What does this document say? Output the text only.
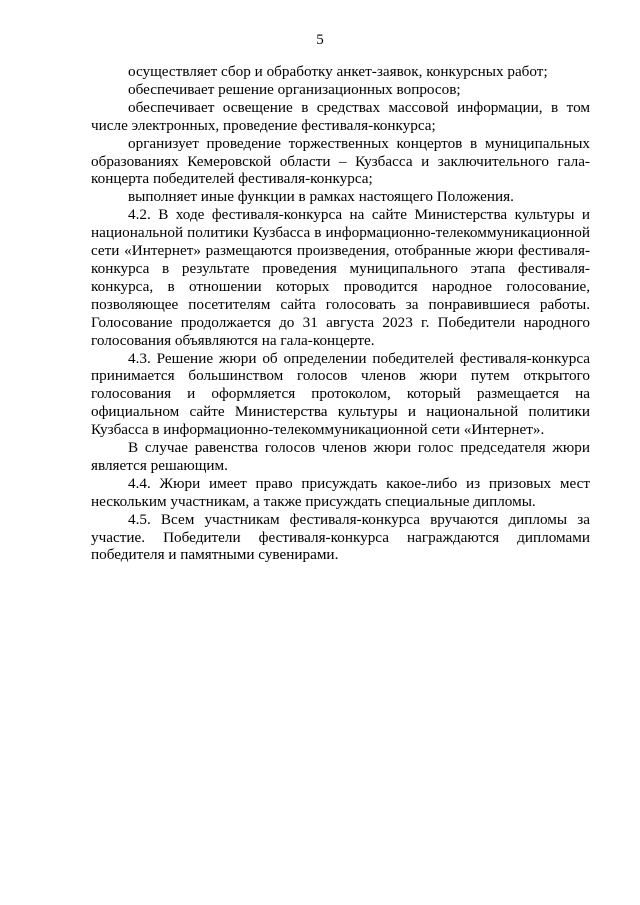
5

осуществляет сбор и обработку анкет-заявок, конкурсных работ;

обеспечивает решение организационных вопросов;

обеспечивает освещение в средствах массовой информации, в том числе электронных, проведение фестиваля-конкурса;

организует проведение торжественных концертов в муниципальных образованиях Кемеровской области – Кузбасса и заключительного гала-концерта победителей фестиваля-конкурса;

выполняет иные функции в рамках настоящего Положения.

4.2. В ходе фестиваля-конкурса на сайте Министерства культуры и национальной политики Кузбасса в информационно-телекоммуникационной сети «Интернет» размещаются произведения, отобранные жюри фестиваля-конкурса в результате проведения муниципального этапа фестиваля-конкурса, в отношении которых проводится народное голосование, позволяющее посетителям сайта голосовать за понравившиеся работы. Голосование продолжается до 31 августа 2023 г. Победители народного голосования объявляются на гала-концерте.

4.3. Решение жюри об определении победителей фестиваля-конкурса принимается большинством голосов членов жюри путем открытого голосования и оформляется протоколом, который размещается на официальном сайте Министерства культуры и национальной политики Кузбасса в информационно-телекоммуникационной сети «Интернет».

В случае равенства голосов членов жюри голос председателя жюри является решающим.

4.4. Жюри имеет право присуждать какое-либо из призовых мест нескольким участникам, а также присуждать специальные дипломы.

4.5. Всем участникам фестиваля-конкурса вручаются дипломы за участие. Победители фестиваля-конкурса награждаются дипломами победителя и памятными сувенирами.
